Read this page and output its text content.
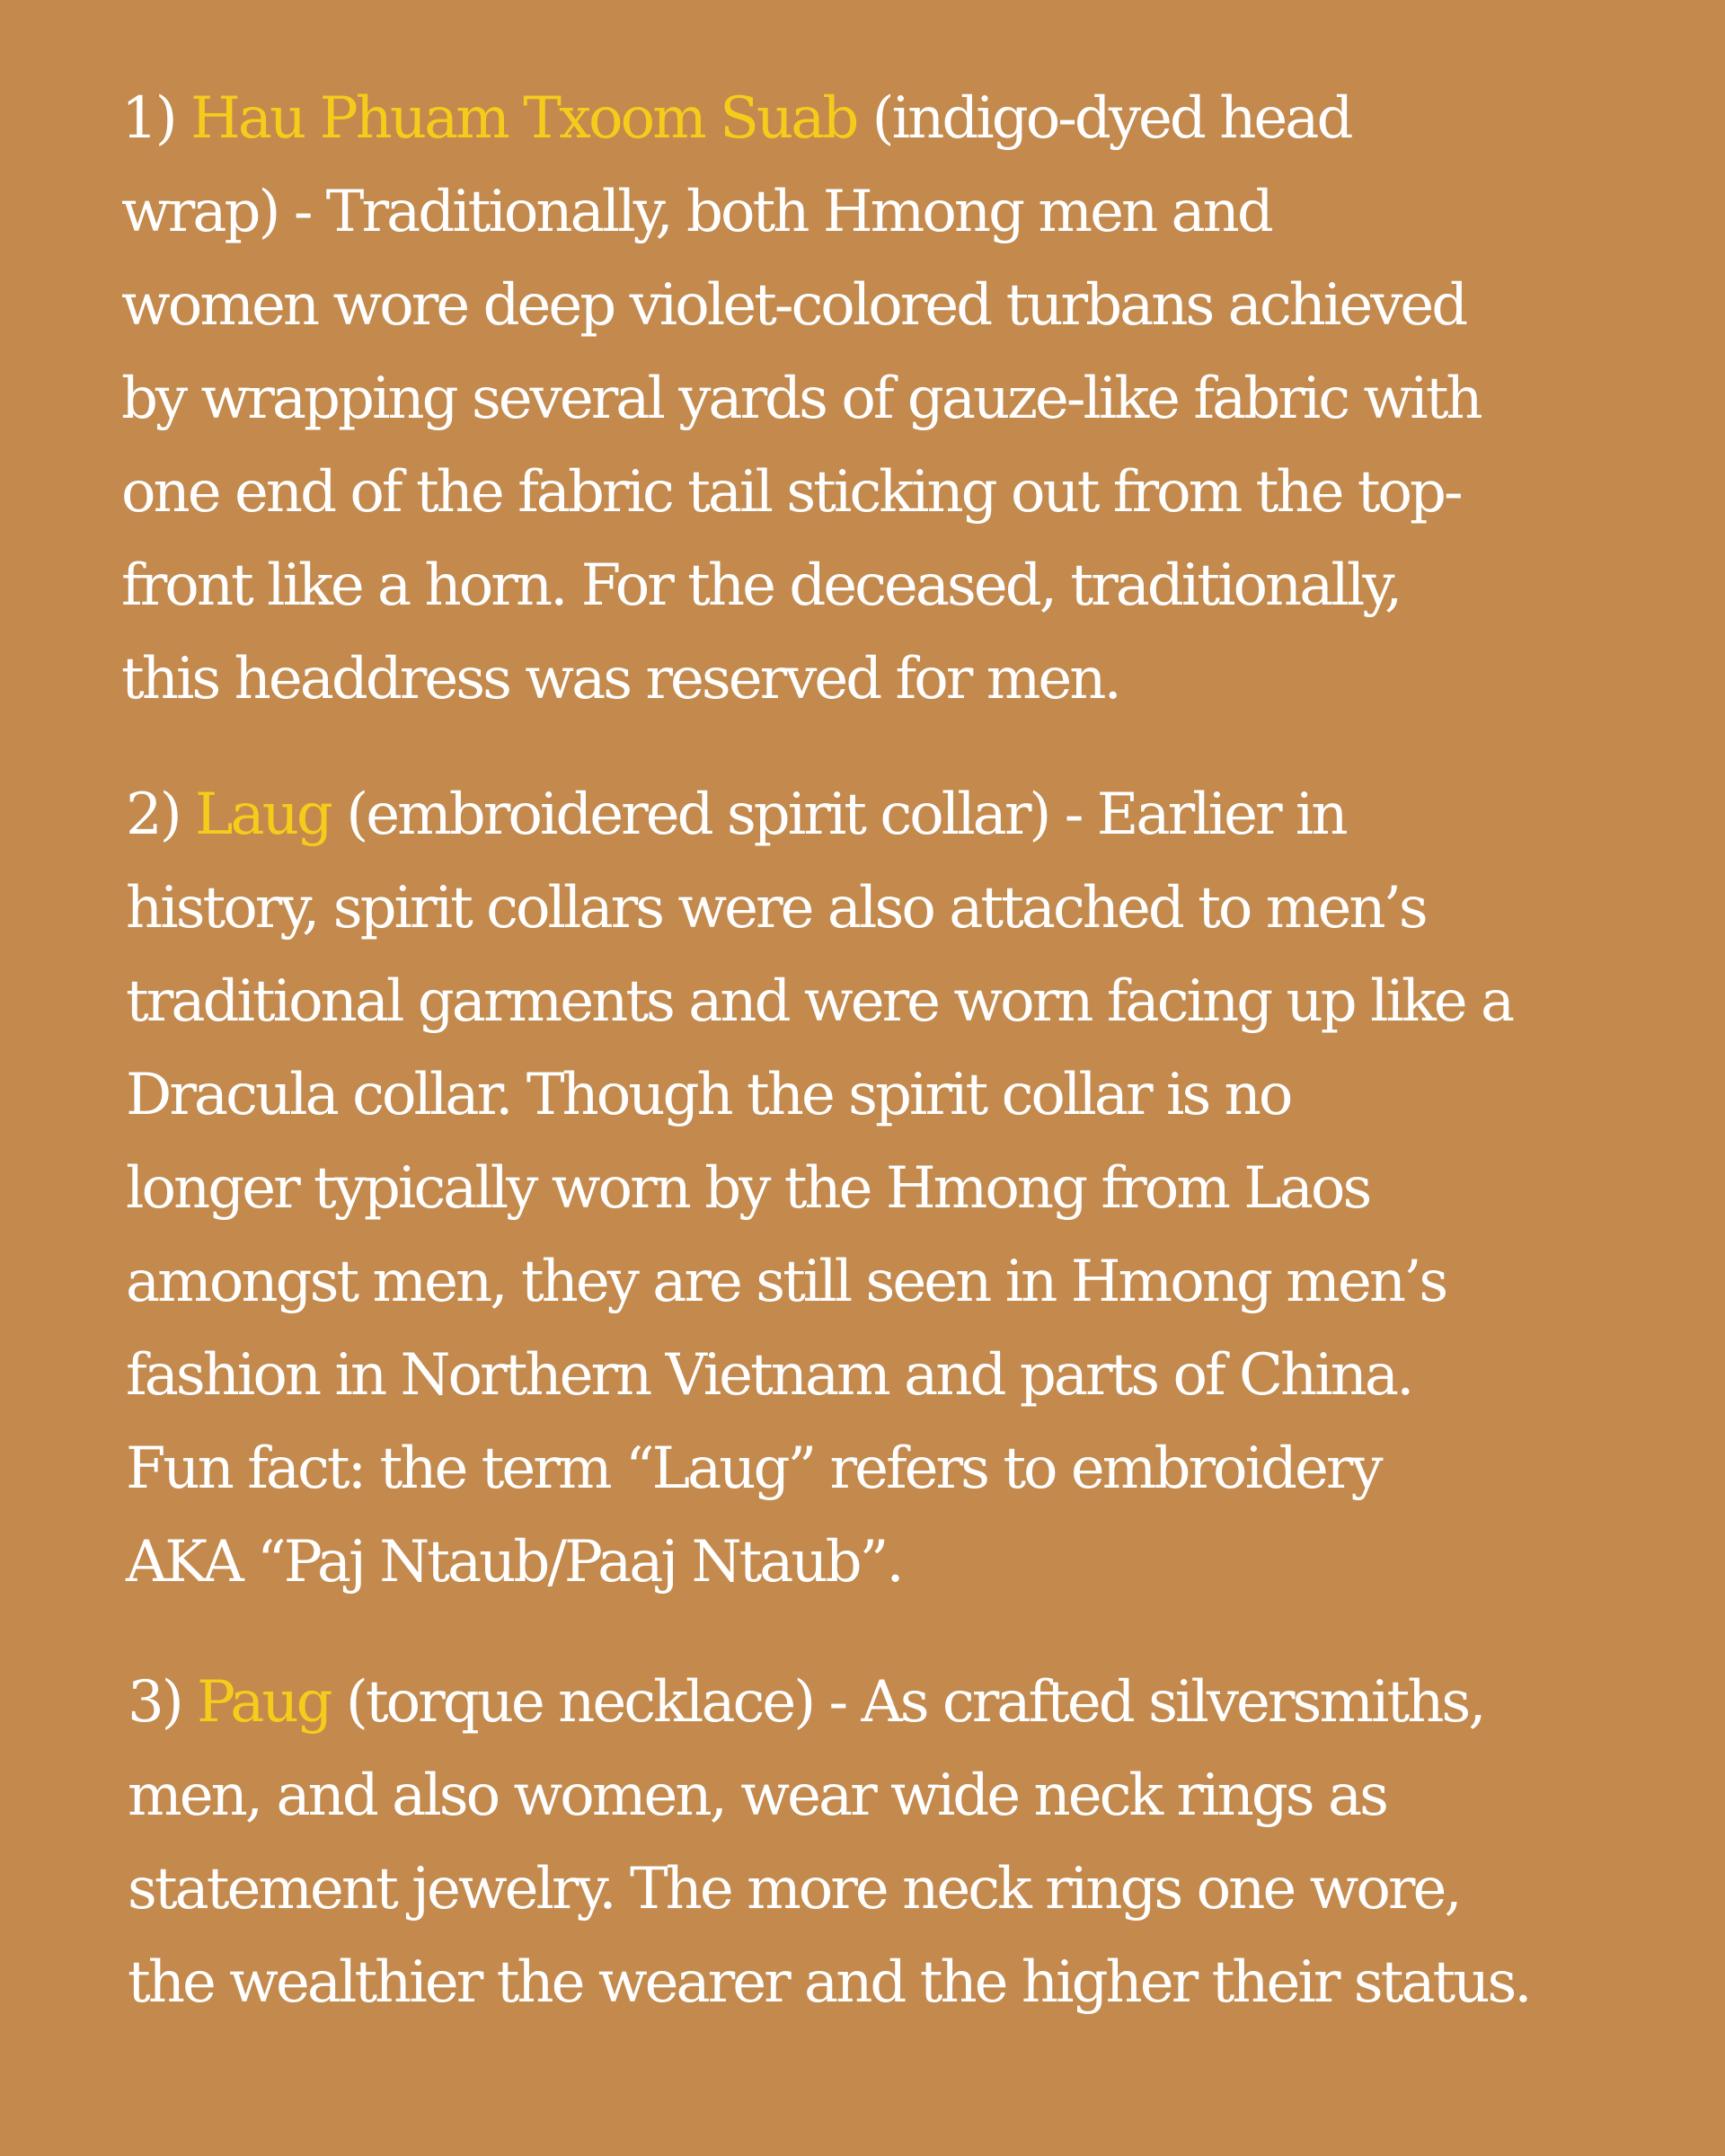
1) Hau Phuam Txoom Suab (indigo-dyed head
wrap) - Traditionally, both Hmong men and
women wore deep violet-colored turbans achieved
by wrapping several yards of gauze-like fabric with
one end of the fabric tail sticking out from the top-
front like a horn. For the deceased, traditionally,
this headdress was reserved for men.

2) Laug (embroidered spirit collar) - Earlier in
history, spirit collars were also attached to men’s
traditional garments and were worn facing up like a
Dracula collar. Though the spirit collar is no
longer typically worn by the Hmong from Laos
amongst men, they are still seen in Hmong men’s
fashion in Northern Vietnam and parts of China.
Fun fact: the term “Laug” refers to embroidery
AKA “Paj Ntaub/Paaj Ntaub”.

3) Paug (torque necklace) - As crafted silversmiths,
men, and also women, wear wide neck rings as
statement jewelry. The more neck rings one wore,
the wealthier the wearer and the higher their status.
